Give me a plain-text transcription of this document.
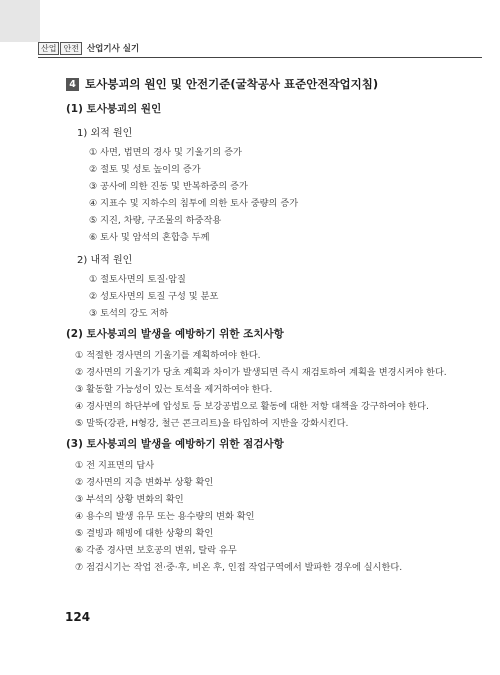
산업 안전 산업기사 실기
4 토사붕괴의 원인 및 안전기준(굴착공사 표준안전작업지침)
(1) 토사붕괴의 원인
1) 외적 원인
① 사면, 법면의 경사 및 기울기의 증가
② 절토 및 성토 높이의 증가
③ 공사에 의한 진동 및 반복하중의 증가
④ 지표수 및 지하수의 침투에 의한 토사 중량의 증가
⑤ 지진, 차량, 구조물의 하중작용
⑥ 토사 및 암석의 혼합층 두께
2) 내적 원인
① 절토사면의 토질·암질
② 성토사면의 토질 구성 및 분포
③ 토석의 강도 저하
(2) 토사붕괴의 발생을 예방하기 위한 조치사항
① 적절한 경사면의 기울기를 계획하여야 한다.
② 경사면의 기울기가 당초 계획과 차이가 발생되면 즉시 재검토하여 계획을 변경시켜야 한다.
③ 활동할 가능성이 있는 토석을 제거하여야 한다.
④ 경사면의 하단부에 압성토 등 보강공법으로 활동에 대한 저항 대책을 강구하여야 한다.
⑤ 말뚝(강관, H형강, 철근 콘크리트)을 타입하여 지반을 강화시킨다.
(3) 토사붕괴의 발생을 예방하기 위한 점검사항
① 전 지표면의 답사
② 경사면의 지층 변화부 상황 확인
③ 부석의 상황 변화의 확인
④ 용수의 발생 유무 또는 용수량의 변화 확인
⑤ 결빙과 해빙에 대한 상황의 확인
⑥ 각종 경사면 보호공의 변위, 탈락 유무
⑦ 점검시기는 작업 전·중·후, 비온 후, 인접 작업구역에서 발파한 경우에 실시한다.
124
